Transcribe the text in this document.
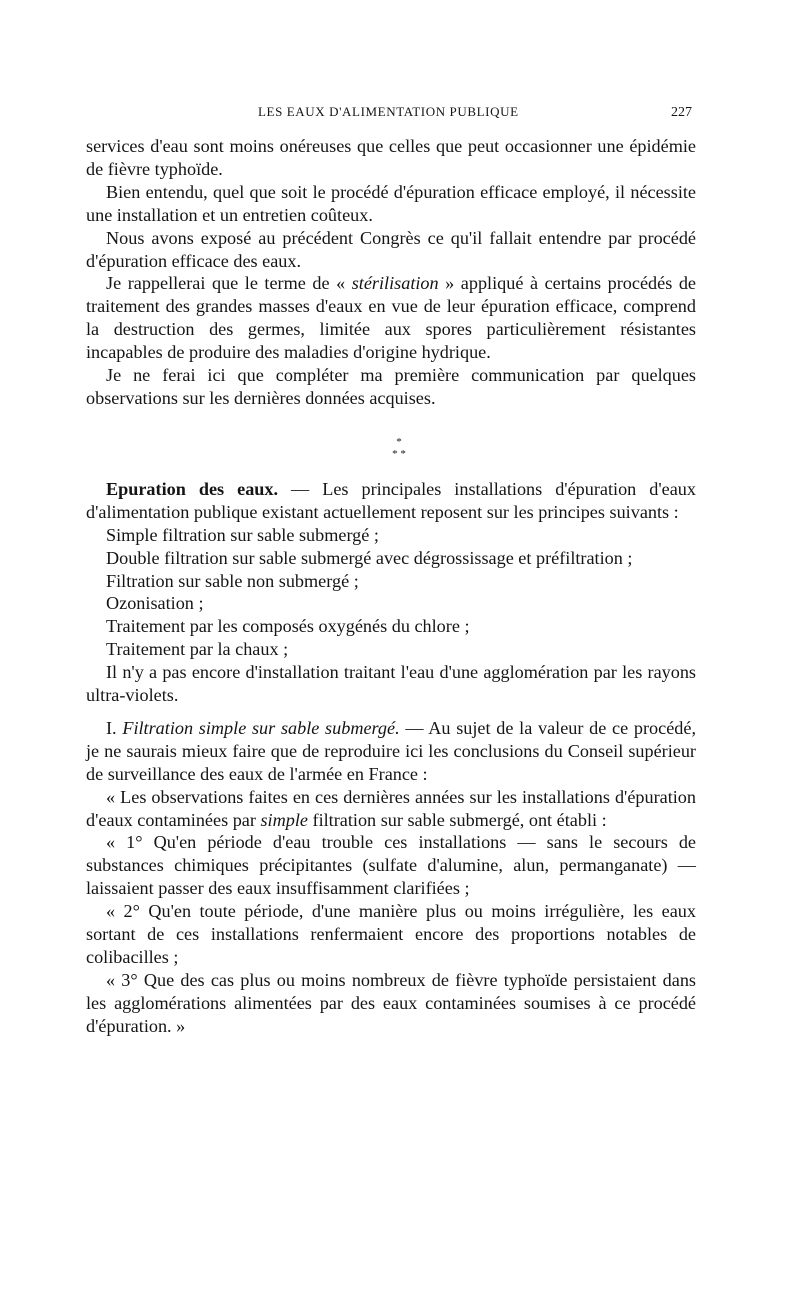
LES EAUX D'ALIMENTATION PUBLIQUE	227

services d'eau sont moins onéreuses que celles que peut occasionner une épidémie de fièvre typhoïde.

Bien entendu, quel que soit le procédé d'épuration efficace employé, il nécessite une installation et un entretien coûteux.

Nous avons exposé au précédent Congrès ce qu'il fallait entendre par procédé d'épuration efficace des eaux.

Je rappellerai que le terme de « stérilisation » appliqué à certains procédés de traitement des grandes masses d'eaux en vue de leur épuration efficace, comprend la destruction des germes, limitée aux spores particulièrement résistantes incapables de produire des maladies d'origine hydrique.

Je ne ferai ici que compléter ma première communication par quelques observations sur les dernières données acquises.

*
* *

Epuration des eaux. — Les principales installations d'épuration d'eaux d'alimentation publique existant actuellement reposent sur les principes suivants :

Simple filtration sur sable submergé ;

Double filtration sur sable submergé avec dégrossissage et préfiltration ;

Filtration sur sable non submergé ;

Ozonisation ;

Traitement par les composés oxygénés du chlore ;

Traitement par la chaux ;

Il n'y a pas encore d'installation traitant l'eau d'une agglomération par les rayons ultra-violets.

I. Filtration simple sur sable submergé. — Au sujet de la valeur de ce procédé, je ne saurais mieux faire que de reproduire ici les conclusions du Conseil supérieur de surveillance des eaux de l'armée en France :

« Les observations faites en ces dernières années sur les installations d'épuration d'eaux contaminées par simple filtration sur sable submergé, ont établi :

« 1° Qu'en période d'eau trouble ces installations — sans le secours de substances chimiques précipitantes (sulfate d'alumine, alun, permanganate) — laissaient passer des eaux insuffisamment clarifiées ;

« 2° Qu'en toute période, d'une manière plus ou moins irrégulière, les eaux sortant de ces installations renfermaient encore des proportions notables de colibacilles ;

« 3° Que des cas plus ou moins nombreux de fièvre typhoïde persistaient dans les agglomérations alimentées par des eaux contaminées soumises à ce procédé d'épuration. »
